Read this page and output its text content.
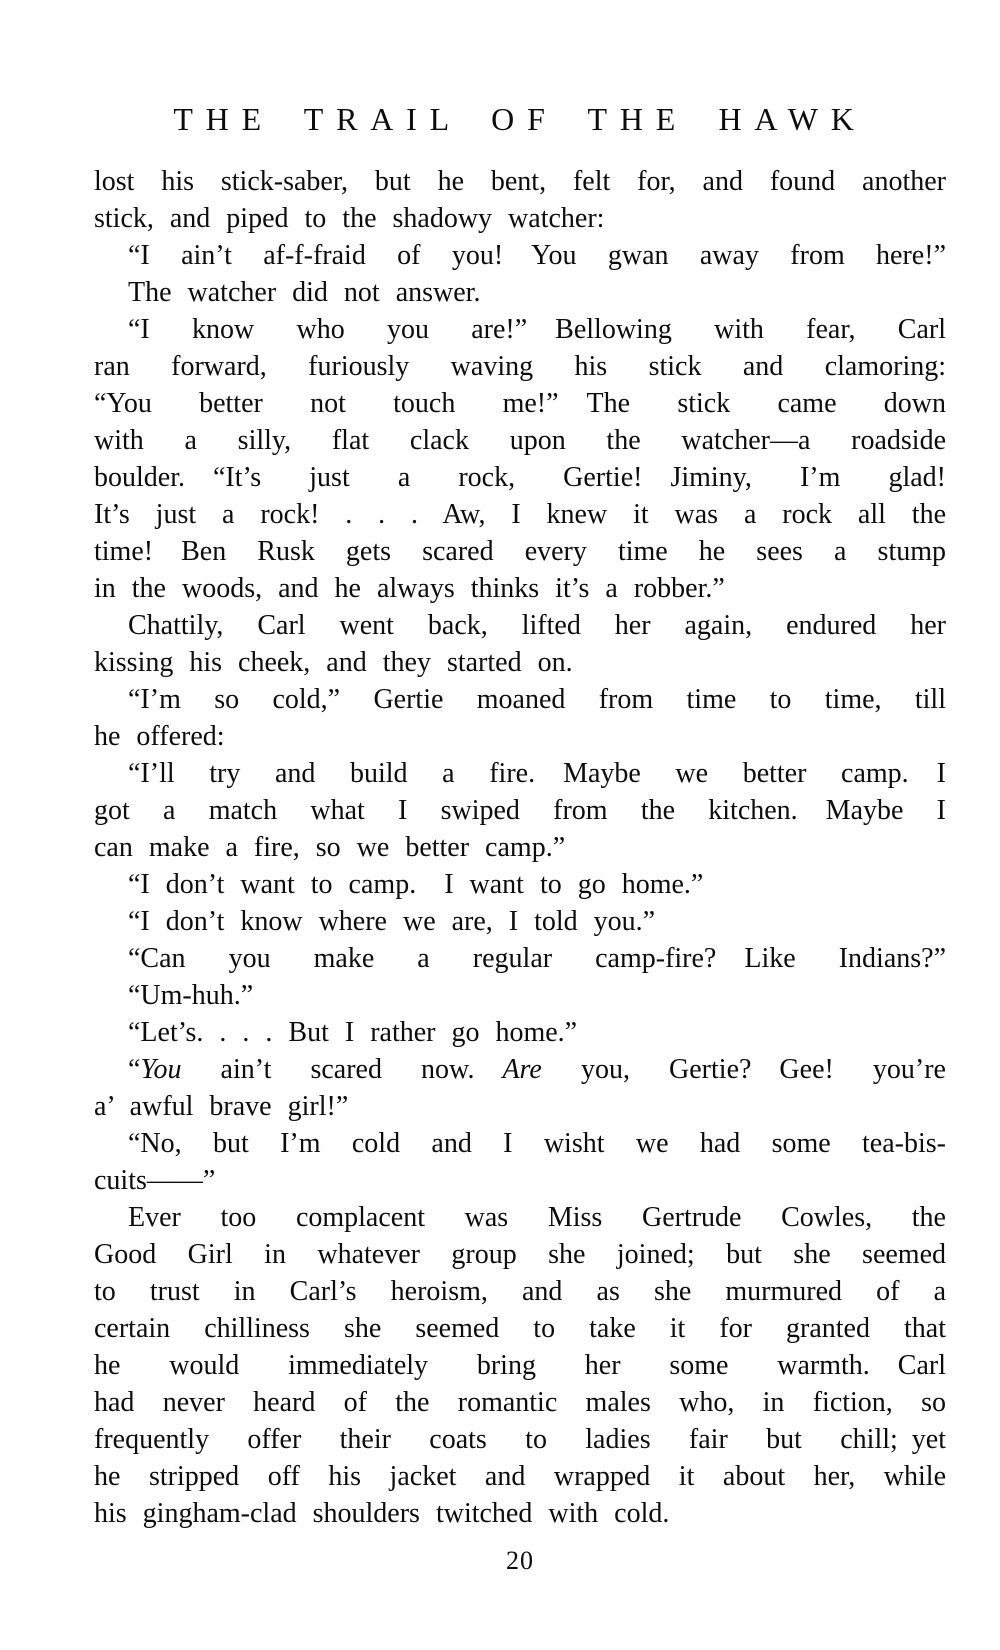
THE TRAIL OF THE HAWK
lost his stick-saber, but he bent, felt for, and found another
stick, and piped to the shadowy watcher:
“I ain’t af-f-fraid of you! You gwan away from here!”
The watcher did not answer.
“I know who you are!” Bellowing with fear, Carl
ran forward, furiously waving his stick and clamoring:
“You better not touch me!” The stick came down
with a silly, flat clack upon the watcher—a roadside
boulder. “It’s just a rock, Gertie! Jiminy, I’m glad!
It’s just a rock! . . . Aw, I knew it was a rock all the
time! Ben Rusk gets scared every time he sees a stump
in the woods, and he always thinks it’s a robber.”
Chattily, Carl went back, lifted her again, endured her
kissing his cheek, and they started on.
“I’m so cold,” Gertie moaned from time to time, till
he offered:
“I’ll try and build a fire. Maybe we better camp. I
got a match what I swiped from the kitchen. Maybe I
can make a fire, so we better camp.”
“I don’t want to camp. I want to go home.”
“I don’t know where we are, I told you.”
“Can you make a regular camp-fire? Like Indians?”
“Um-huh.”
“Let’s. . . . But I rather go home.”
“You ain’t scared now. Are you, Gertie? Gee! you’re
a’ awful brave girl!”
“No, but I’m cold and I wisht we had some tea-bis-
cuits——”
Ever too complacent was Miss Gertrude Cowles, the
Good Girl in whatever group she joined; but she seemed
to trust in Carl’s heroism, and as she murmured of a
certain chilliness she seemed to take it for granted that
he would immediately bring her some warmth. Carl
had never heard of the romantic males who, in fiction, so
frequently offer their coats to ladies fair but chill; yet
he stripped off his jacket and wrapped it about her, while
his gingham-clad shoulders twitched with cold.
20
